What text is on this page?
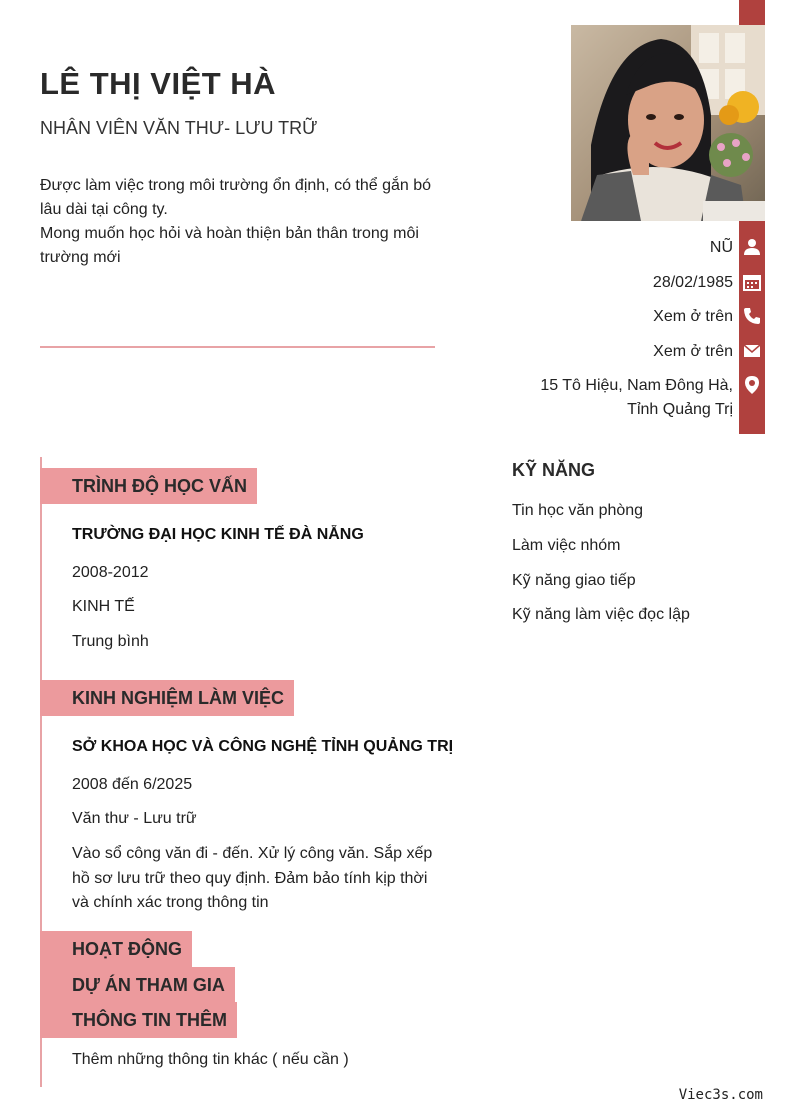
LÊ THỊ VIỆT HÀ
NHÂN VIÊN VĂN THƯ- LƯU TRỮ
Được làm việc trong môi trường ổn định, có thể gắn bó lâu dài tại công ty.
Mong muốn học hỏi và hoàn thiện bản thân trong môi trường mới
NŨ
28/02/1985
Xem ở trên
Xem ở trên
15 Tô Hiệu, Nam Đông Hà,
Tỉnh Quảng Trị
TRÌNH ĐỘ HỌC VẤN
TRƯỜNG ĐẠI HỌC KINH TẾ ĐÀ NẴNG
2008-2012
KINH TẾ
Trung bình
KINH NGHIỆM LÀM VIỆC
SỞ KHOA HỌC VÀ CÔNG NGHỆ TỈNH QUẢNG TRỊ
2008 đến 6/2025
Văn thư - Lưu trữ
Vào sổ công văn đi - đến. Xử lý công văn. Sắp xếp hồ sơ lưu trữ theo quy định. Đảm bảo tính kịp thời và chính xác trong thông tin
HOẠT ĐỘNG
DỰ ÁN THAM GIA
THÔNG TIN THÊM
Thêm những thông tin khác ( nếu cần )
KỸ NĂNG
Tin học văn phòng
Làm việc nhóm
Kỹ năng giao tiếp
Kỹ năng làm việc đọc lập
Viec3s.com
